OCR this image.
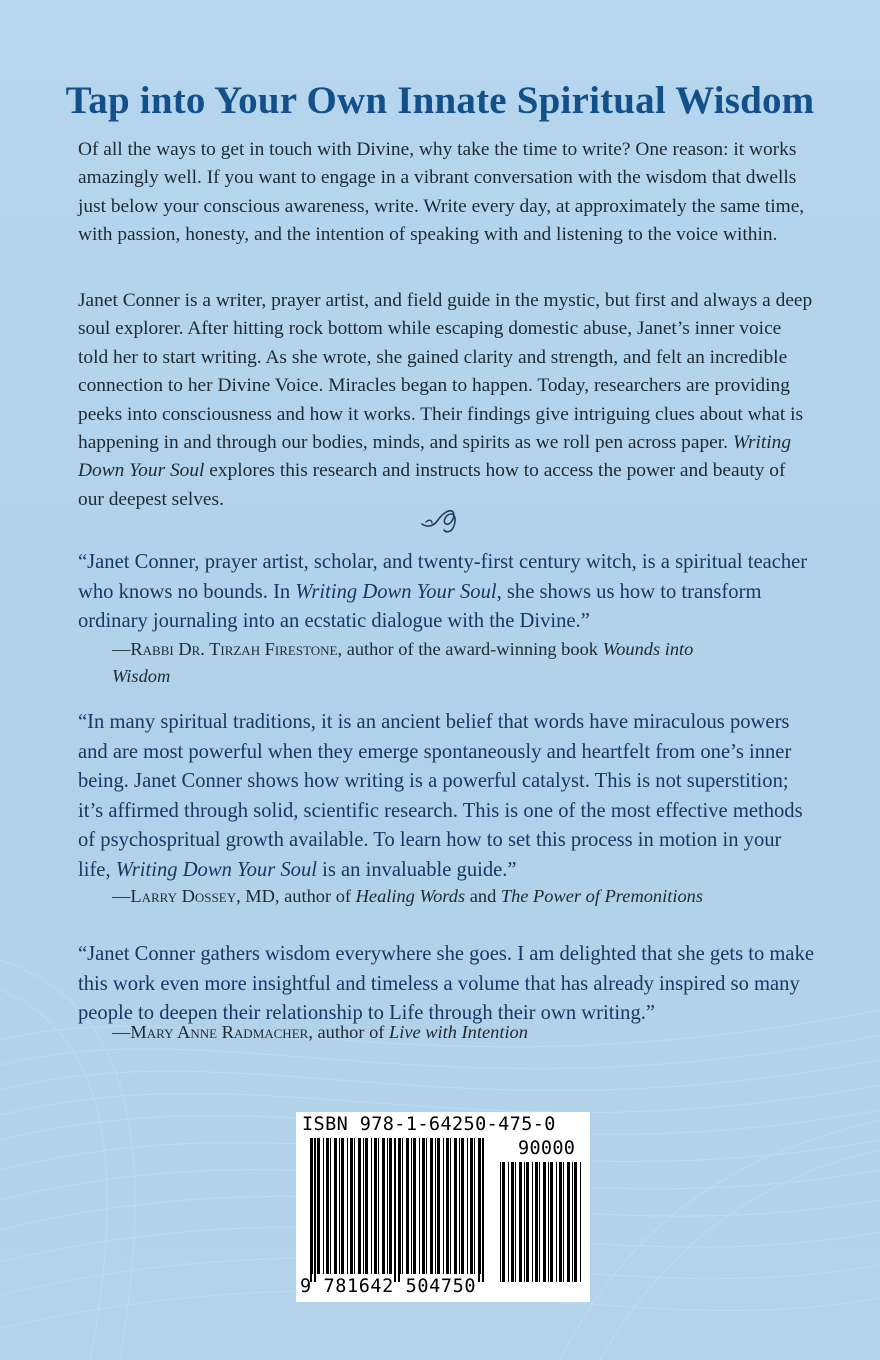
Tap into Your Own Innate Spiritual Wisdom

Of all the ways to get in touch with Divine, why take the time to write? One reason: it works amazingly well. If you want to engage in a vibrant conversation with the wisdom that dwells just below your conscious awareness, write. Write every day, at approximately the same time, with passion, honesty, and the intention of speaking with and listening to the voice within.

Janet Conner is a writer, prayer artist, and field guide in the mystic, but first and always a deep soul explorer. After hitting rock bottom while escaping domestic abuse, Janet’s inner voice told her to start writing. As she wrote, she gained clarity and strength, and felt an incredible connection to her Divine Voice. Miracles began to happen. Today, researchers are providing peeks into consciousness and how it works. Their findings give intriguing clues about what is happening in and through our bodies, minds, and spirits as we roll pen across paper. Writing Down Your Soul explores this research and instructs how to access the power and beauty of our deepest selves.

“Janet Conner, prayer artist, scholar, and twenty-first century witch, is a spiritual teacher who knows no bounds. In Writing Down Your Soul, she shows us how to transform ordinary journaling into an ecstatic dialogue with the Divine.”

—Rabbi Dr. Tirzah Firestone, author of the award-winning book Wounds into Wisdom

“In many spiritual traditions, it is an ancient belief that words have miraculous powers and are most powerful when they emerge spontaneously and heartfelt from one’s inner being. Janet Conner shows how writing is a powerful catalyst. This is not superstition; it’s affirmed through solid, scientific research. This is one of the most effective methods of psychospritual growth available. To learn how to set this process in motion in your life, Writing Down Your Soul is an invaluable guide.”

—Larry Dossey, MD, author of Healing Words and The Power of Premonitions

“Janet Conner gathers wisdom everywhere she goes. I am delighted that she gets to make this work even more insightful and timeless a volume that has already inspired so many people to deepen their relationship to Life through their own writing.”

—Mary Anne Radmacher, author of Live with Intention

ISBN 978-1-64250-475-0
90000
9 781642 504750
